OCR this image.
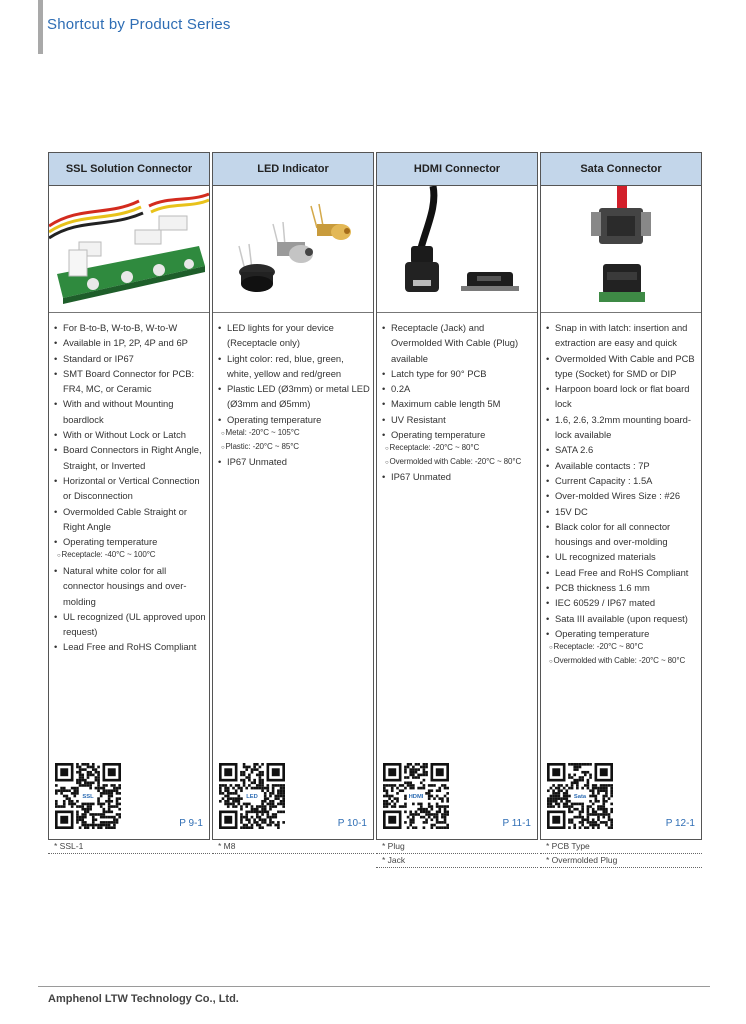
Shortcut by Product Series
SSL Solution Connector
• For B-to-B, W-to-B, W-to-W
• Available in 1P, 2P, 4P and 6P
• Standard or IP67
• SMT Board Connector for PCB: FR4, MC, or Ceramic
• With and without Mounting boardlock
• With or Without Lock or Latch
• Board Connectors in Right Angle, Straight, or Inverted
• Horizontal or Vertical Connection or Disconnection
• Overmolded Cable Straight or Right Angle
• Operating temperature
○ Receptacle: -40°C ~ 100°C
• Natural white color for all connector housings and over-molding
• UL recognized (UL approved upon request)
• Lead Free and RoHS Compliant
SSL
P 9-1
LED Indicator
• LED lights for your device (Receptacle only)
• Light color: red, blue, green, white, yellow and red/green
• Plastic LED (Ø3mm) or metal LED (Ø3mm and Ø5mm)
• Operating temperature
○ Metal: -20°C ~ 105°C
○ Plastic: -20°C ~ 85°C
• IP67 Unmated
LED
P 10-1
HDMI Connector
• Receptacle (Jack) and Overmolded With Cable (Plug) available
• Latch type for 90° PCB
• 0.2A
• Maximum cable length 5M
• UV Resistant
• Operating temperature
○ Receptacle: -20°C ~ 80°C
○ Overmolded with Cable: -20°C ~ 80°C
• IP67 Unmated
HDMI
P 11-1
Sata Connector
• Snap in with latch: insertion and extraction are easy and quick
• Overmolded With Cable and PCB type (Socket) for SMD or DIP
• Harpoon board lock or flat board lock
• 1.6, 2.6, 3.2mm mounting board-lock available
• SATA 2.6
• Available contacts : 7P
• Current Capacity : 1.5A
• Over-molded Wires Size : #26
• 15V DC
• Black color for all connector housings and over-molding
• UL recognized materials
• Lead Free and RoHS Compliant
• PCB thickness 1.6 mm
• IEC 60529 / IP67 mated
• Sata III available (upon request)
• Operating temperature
○ Receptacle: -20°C ~ 80°C
○ Overmolded with Cable: -20°C ~ 80°C
Sata
P 12-1
* SSL-1	* M8	* Plug
* Jack
* PCB Type
* Overmolded Plug
Amphenol LTW Technology Co., Ltd.
